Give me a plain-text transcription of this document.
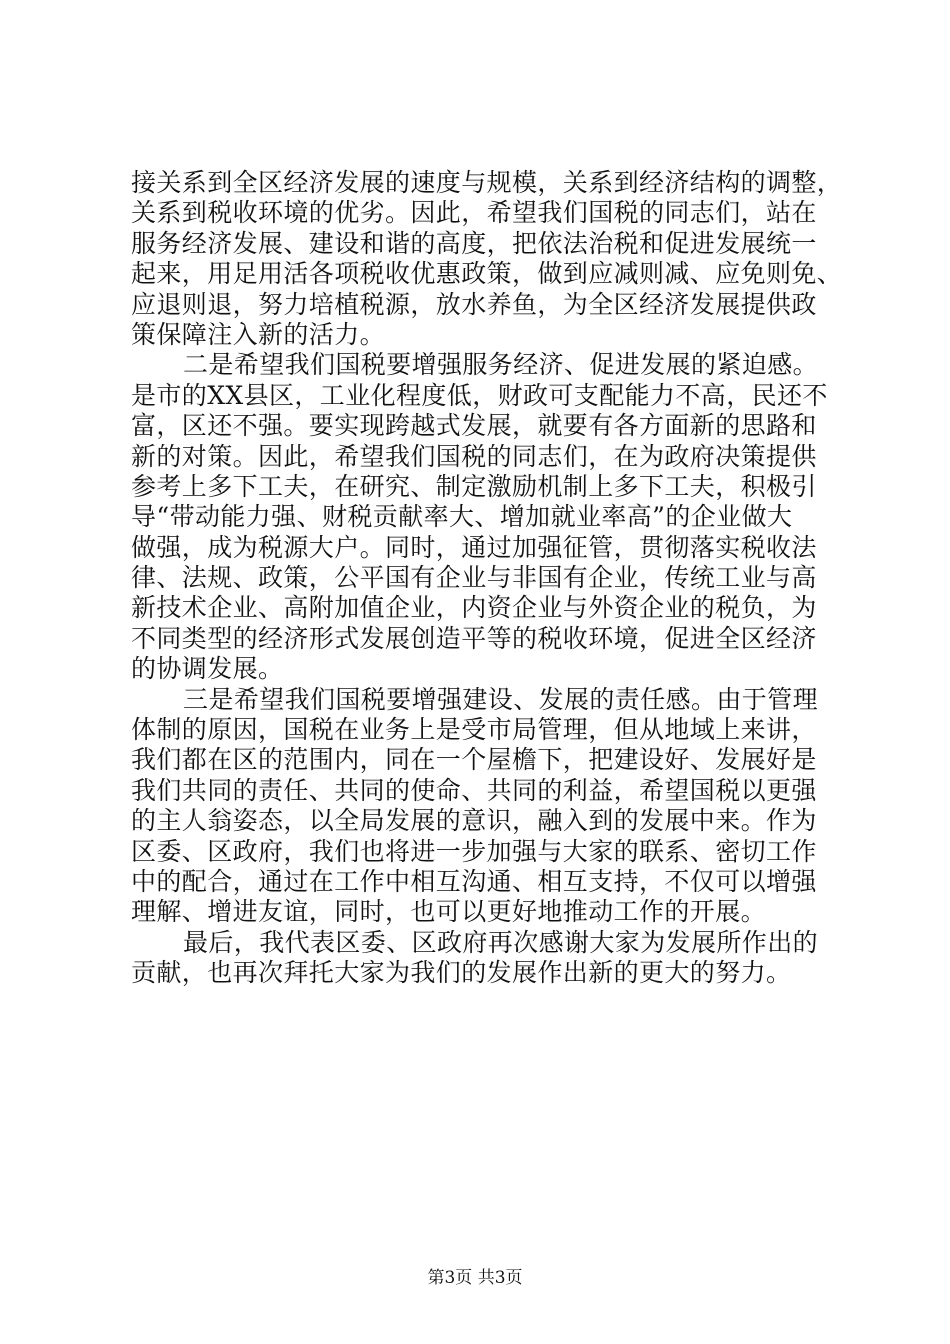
接关系到全区经济发展的速度与规模，关系到经济结构的调整，
关系到税收环境的优劣。因此，希望我们国税的同志们，站在
服务经济发展、建设和谐的高度，把依法治税和促进发展统一
起来，用足用活各项税收优惠政策，做到应减则减、应免则免、
应退则退，努力培植税源，放水养鱼，为全区经济发展提供政
策保障注入新的活力。
二是希望我们国税要增强服务经济、促进发展的紧迫感。
是市的XX县区，工业化程度低，财政可支配能力不高，民还不
富，区还不强。要实现跨越式发展，就要有各方面新的思路和
新的对策。因此，希望我们国税的同志们，在为政府决策提供
参考上多下工夫，在研究、制定激励机制上多下工夫，积极引
导“带动能力强、财税贡献率大、增加就业率高”的企业做大
做强，成为税源大户。同时，通过加强征管，贯彻落实税收法
律、法规、政策，公平国有企业与非国有企业，传统工业与高
新技术企业、高附加值企业，内资企业与外资企业的税负，为
不同类型的经济形式发展创造平等的税收环境，促进全区经济
的协调发展。
三是希望我们国税要增强建设、发展的责任感。由于管理
体制的原因，国税在业务上是受市局管理，但从地域上来讲，
我们都在区的范围内，同在一个屋檐下，把建设好、发展好是
我们共同的责任、共同的使命、共同的利益，希望国税以更强
的主人翁姿态，以全局发展的意识，融入到的发展中来。作为
区委、区政府，我们也将进一步加强与大家的联系、密切工作
中的配合，通过在工作中相互沟通、相互支持，不仅可以增强
理解、增进友谊，同时，也可以更好地推动工作的开展。
最后，我代表区委、区政府再次感谢大家为发展所作出的
贡献，也再次拜托大家为我们的发展作出新的更大的努力。
第3页 共3页
